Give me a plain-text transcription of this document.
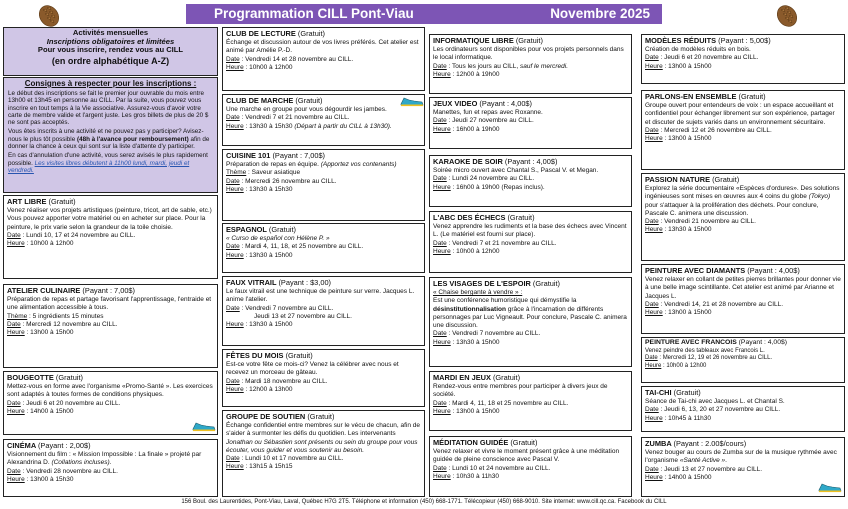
Programmation CILL Pont-Viau	Novembre 2025
Activités mensuelles
Inscriptions obligatoires et limitées
Pour vous inscrire, rendez vous au CILL
(en ordre alphabétique A-Z)
Consignes à respecter pour les inscriptions :

Le début des inscriptions se fait le premier jour ouvrable du mois entre 13h00 et 13h45 en personne au CILL. Par la suite, vous pouvez vous inscrire en tout temps à la Vie associative. Assurez-vous d'avoir votre carte de membre valide et l'argent juste. Les gros billets de plus de 20 $ ne sont pas acceptés.

Vous êtes inscrits à une activité et ne pouvez pas y participer? Avisez-nous le plus tôt possible (48h à l'avance pour remboursement) afin de donner la chance à ceux qui sont sur la liste d'attente d'y participer.

En cas d'annulation d'une activité, vous serez avisés le plus rapidement possible. Les visites libres débutent à 11h00 lundi, mardi, jeudi et vendredi.

ART LIBRE (Gratuit)
Venez réaliser vos projets artistiques (peinture, tricot, art de sable, etc.) Vous pouvez apporter votre matériel ou en acheter sur place. Pour la peinture, le prix varie selon la grandeur de la toile choisie.
Date : Lundi 10, 17 et 24 novembre au CILL.
Heure : 10h00 à 12h00
ATELIER CULINAIRE (Payant : 7,00$)
Préparation de repas et partage favorisant l'apprentissage, l'entraide et une alimentation accessible à tous.
Thème : 5 ingrédients 15 minutes
Date : Mercredi 12 novembre au CILL.
Heure : 13h00 à 15h00
BOUGEOTTE (Gratuit)
Mettez-vous en forme avec l'organisme «Promo-Santé ». Les exercices sont adaptés à toutes formes de conditions physiques.
Date : Jeudi 6 et 20 novembre au CILL.
Heure : 14h00 à 15h00
CINÉMA (Payant : 2,00$)
Visionnement du film : « Mission Impossible : La finale » projeté par Alexandrina D. (Collations incluses).
Date : Vendredi 28 novembre au CILL.
Heure : 13h00 à 15h30
CLUB DE LECTURE (Gratuit)
Échange et discussion autour de vos livres préférés. Cet atelier est animé par Amélie P.-D.
Date : Vendredi 14 et 28 novembre au CILL.
Heure : 10h00 à 12h00
CLUB DE MARCHE (Gratuit)
Une marche en groupe pour vous dégourdir les jambes.
Date : Vendredi 7 et 21 novembre au CILL.
Heure : 13h30 à 15h30 (Départ à partir du CILL à 13h30).
CUISINE 101 (Payant : 7,00$)
Préparation de repas en équipe. (Apportez vos contenants)
Thème : Saveur asiatique
Date : Mercredi 26 novembre au CILL.
Heure : 13h30 à 15h30
ESPAGNOL (Gratuit)
« Curso de español con Hélène P. »
Date : Mardi 4, 11, 18, et 25 novembre au CILL.
Heure : 13h30 à 15h00
FAUX VITRAIL (Payant : $3,00)
Le faux vitrail est une technique de peinture sur verre. Jacques L. anime l'atelier.
Date : Vendredi 7 novembre au CILL.
Jeudi 13 et 27 novembre au CILL.
Heure : 13h30 à 15h00
FÊTES DU MOIS (Gratuit)
Est-ce votre fête ce mois-ci? Venez la célébrer avec nous et recevez un morceau de gâteau.
Date : Mardi 18 novembre au CILL.
Heure : 12h00 à 13h00
GROUPE DE SOUTIEN (Gratuit)
Échange confidentiel entre membres sur le vécu de chacun, afin de s'aider à surmonter les défis du quotidien. Les intervenants Jonathan ou Sébastien sont présents ou sein du groupe pour vous écouter, vous guider et vous soutenir au besoin.
Date : Lundi 10 et 17 novembre au CILL.
Heure : 13h15 à 15h15
INFORMATIQUE LIBRE (Gratuit)
Les ordinateurs sont disponibles pour vos projets personnels dans le local informatique.
Date : Tous les jours au CILL, sauf le mercredi.
Heure : 12h00 à 19h00
JEUX VIDEO (Payant : 4,00$)
Manettes, fun et repas avec Roxanne.
Date : Jeudi 27 novembre au CILL.
Heure : 16h00 à 19h00
KARAOKE DE SOIR (Payant : 4,00$)
Soirée micro ouvert avec Chantal S., Pascal V. et Megan.
Date : Lundi 24 novembre au CILL.
Heure : 16h00 à 19h00 (Repas inclus).
L'ABC DES ÉCHECS (Gratuit)
Venez apprendre les rudiments et la base des échecs avec Vincent L. (Le matériel est fourni sur place).
Date : Vendredi 7 et 21 novembre au CILL.
Heure : 10h00 à 12h00
LES VISAGES DE L'ESPOIR (Gratuit)
« Chaise bergante à vendre » :
Est une conférence humoristique qui démystifie la désinstitutionnalisation grâce à l'incarnation de différents personnages par Luc Vigneault. Pour conclure, Pascale C. animera une discussion.
Date : Vendredi 7 novembre au CILL.
Heure : 13h30 à 15h00
MARDI EN JEUX (Gratuit)
Rendez-vous entre membres pour participer à divers jeux de société.
Date : Mardi 4, 11, 18 et 25 novembre au CILL.
Heure : 13h00 à 15h00
MÉDITATION GUIDÉE (Gratuit)
Venez relaxer et vivre le moment présent grâce à une méditation guidée de pleine conscience avec Pascal V.
Date : Lundi 10 et 24 novembre au CILL.
Heure : 10h30 à 11h30
MODÈLES RÉDUITS (Payant : 5,00$)
Création de modèles réduits en bois.
Date : Jeudi 6 et 20 novembre au CILL.
Heure : 13h00 à 15h00
PARLONS-EN ENSEMBLE (Gratuit)
Groupe ouvert pour entendeurs de voix : un espace accueillant et confidentiel pour échanger librement sur son expérience, partager et discuter de sujets variés dans un environnement sécuritaire.
Date : Mercredi 12 et 26 novembre au CILL.
Heure : 13h00 à 15h00
PASSION NATURE (Gratuit)
Explorez la série documentaire «Espèces d'ordures». Des solutions ingénieuses sont mises en œuvres aux 4 coins du globe (Tokyo) pour s'attaquer à la prolifération des déchets. Pour conclure, Pascale C. animera une discussion.
Date : Vendredi 21 novembre au CILL.
Heure : 13h30 à 15h00
PEINTURE AVEC DIAMANTS (Payant : 4,00$)
Venez relaxer en collant de petites pierres brillantes pour donner vie à une belle image scintillante. Cet atelier est animé par Arianne et Jacques L.
Date : Vendredi 14, 21 et 28 novembre au CILL.
Heure : 13h00 à 15h00
PEINTURE AVEC FRANCOIS (Payant : 4,00$)
Venez peindre des tableaux avec Francois L.
Date : Mercredi 12, 19 et 26 novembre au CILL.
Heure : 10h00 à 12h00
TAI-CHI (Gratuit)
Séance de Tai-chi avec Jacques L. et Chantal S.
Date : Jeudi 6, 13, 20 et 27 novembre au CILL.
Heure : 10h45 à 11h30
ZUMBA (Payant : 2.00$/cours)
Venez bouger au cours de Zumba sur de la musique rythmée avec l'organisme «Santé Active ».
Date : Jeudi 13 et 27 novembre au CILL.
Heure : 14h00 à 15h00
156 Boul. des Laurentides, Pont-Viau, Laval, Québec H7G 2T5. Téléphone et information (450) 668-1771. Télécopieur (450) 668-9010. Site internet: www.cill.qc.ca. Facebook du CILL
